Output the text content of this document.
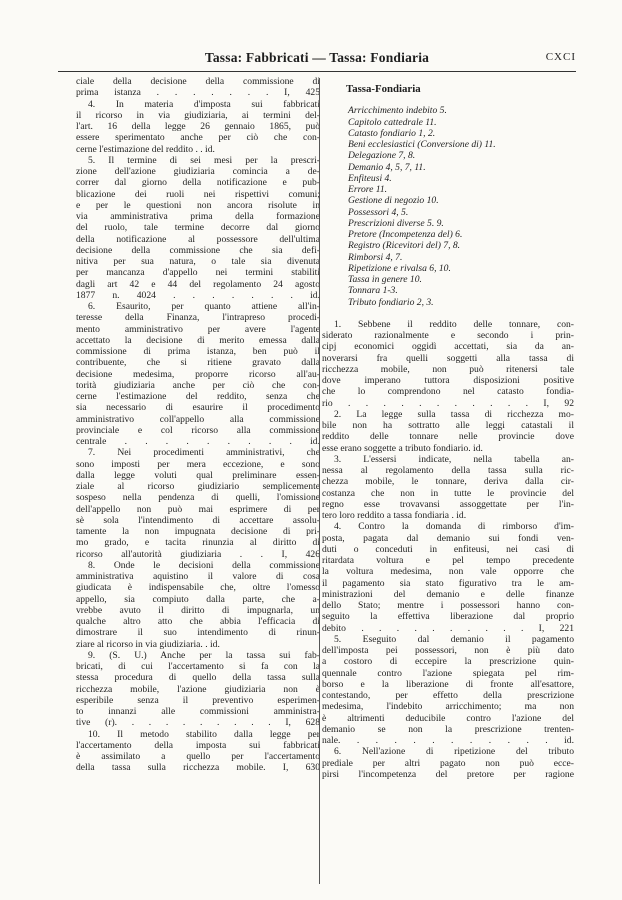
Tassa: Fabbricati — Tassa: Fondiaria	CXCI
ciale della decisione della commissione di
prima istanza . . . . . . . I, 425
4. In materia d'imposta sui fabbricati
il ricorso in via giudiziaria, ai termini del-
l'art. 16 della legge 26 gennaio 1865, può
essere sperimentato anche per ciò che con-
cerne l'estimazione del reddito . . id.
5. Il termine di sei mesi per la prescri-
zione dell'azione giudiziaria comincia a de-
correr dal giorno della notificazione e pub-
blicazione dei ruoli nei rispettivi comuni;
e per le questioni non ancora risolute in
via amministrativa prima della formazione
del ruolo, tale termine decorre dal giorno
della notificazione al possessore dell'ultima
decisione della commissione che sia defi-
nitiva per sua natura, o tale sia divenuta
per mancanza d'appello nei termini stabiliti
dagli art 42 e 44 del regolamento 24 agosto
1877 n. 4024 . . . . . . . id.
6. Esaurito, per quanto attiene all'in-
teresse della Finanza, l'intrapreso procedi-
mento amministrativo per avere l'agente
accettato la decisione di merito emessa dalla
commissione di prima istanza, ben può il
contribuente, che si ritiene gravato dalla
decisione medesima, proporre ricorso all'au-
torità giudiziaria anche per ciò che con-
cerne l'estimazione del reddito, senza che
sia necessario di esaurire il procedimento
amministrativo coll'appello alla commissione
provinciale e col ricorso alla commissione
centrale . . . . . . . . . id.
7. Nei procedimenti amministrativi, che
sono imposti per mera eccezione, e sono
dalla legge voluti qual preliminare essen-
ziale al ricorso giudiziario semplicemente
sospeso nella pendenza di quelli, l'omissione
dell'appello non può mai esprimere di per
sè sola l'intendimento di accettare assolu-
tamente la non impugnata decisione di pri-
mo grado, e tacita rinunzia al diritto di
ricorso all'autorità giudiziaria . . I, 426
8. Onde le decisioni della commissione
amministrativa aquistino il valore di cosa
giudicata è indispensabile che, oltre l'omesso
appello, sia compiuto dalla parte, che a-
vrebbe avuto il diritto di impugnarla, un
qualche altro atto che abbia l'efficacia di
dimostrare il suo intendimento di rinun-
ziare al ricorso in via giudiziaria. . id.
9. (S. U.) Anche per la tassa sui fab-
bricati, di cui l'accertamento si fa con la
stessa procedura di quello della tassa sulla
ricchezza mobile, l'azione giudiziaria non è
esperibile senza il preventivo esperimen-
to innanzi alle commissioni amministra-
tive (r). . . . . . . . . . I, 628
10. Il metodo stabilito dalla legge per
l'accertamento della imposta sui fabbricati
è assimilato a quello per l'accertamento
della tassa sulla ricchezza mobile. I, 630
Tassa-Fondiaria
Arricchimento indebito 5.
Capitolo cattedrale 11.
Catasto fondiario 1, 2.
Beni ecclesiastici (Conversione di) 11.
Delegazione 7, 8.
Demanio 4, 5, 7, 11.
Enfiteusi 4.
Errore 11.
Gestione di negozio 10.
Possessori 4, 5.
Prescrizioni diverse 5. 9.
Pretore (Incompetenza del) 6.
Registro (Ricevitori del) 7, 8.
Rimborsi 4, 7.
Ripetizione e rivalsa 6, 10.
Tassa in genere 10.
Tonnara 1-3.
Tributo fondiario 2, 3.
1. Sebbene il reddito delle tonnare, con-
siderato razionalmente e secondo i prin-
cipj economici oggidì accettati, sia da an-
noverarsi fra quelli soggetti alla tassa di
ricchezza mobile, non può ritenersi tale
dove imperano tuttora disposizioni positive
che lo comprendono nel catasto fondia-
rio . . . . . . . . . . . I, 92
2. La legge sulla tassa di ricchezza mo-
bile non ha sottratto alle leggi catastali il
reddito delle tonnare nelle provincie dove
esse erano soggette a tributo fondiario. id.
3. L'essersi indicate, nella tabella an-
nessa al regolamento della tassa sulla ric-
chezza mobile, le tonnare, deriva dalla cir-
costanza che non in tutte le provincie del
regno esse trovavansi assoggettate per l'in-
tero loro reddito a tassa fondiaria . id.
4. Contro la domanda di rimborso d'im-
posta, pagata dal demanio sui fondi ven-
duti o conceduti in enfiteusi, nei casi di
ritardata voltura e pel tempo precedente
la voltura medesima, non vale opporre che
il pagamento sia stato figurativo tra le am-
ministrazioni del demanio e delle finanze
dello Stato; mentre i possessori hanno con-
seguito la effettiva liberazione dal proprio
debito . . . . . . . . . . I, 221
5. Eseguito dal demanio il pagamento
dell'imposta pei possessori, non è più dato
a costoro di eccepire la prescrizione quin-
quennale contro l'azione spiegata pel rim-
borso e la liberazione di fronte all'esattore,
contestando, per effetto della prescrizione
medesima, l'indebito arricchimento; ma non
è altrimenti deducibile contro l'azione del
demanio se non la prescrizione trenten-
nale. . . . . . . . . . . . id.
6. Nell'azione di ripetizione del tributo
prediale per altri pagato non può ecce-
pirsi l'incompetenza del pretore per ragione
